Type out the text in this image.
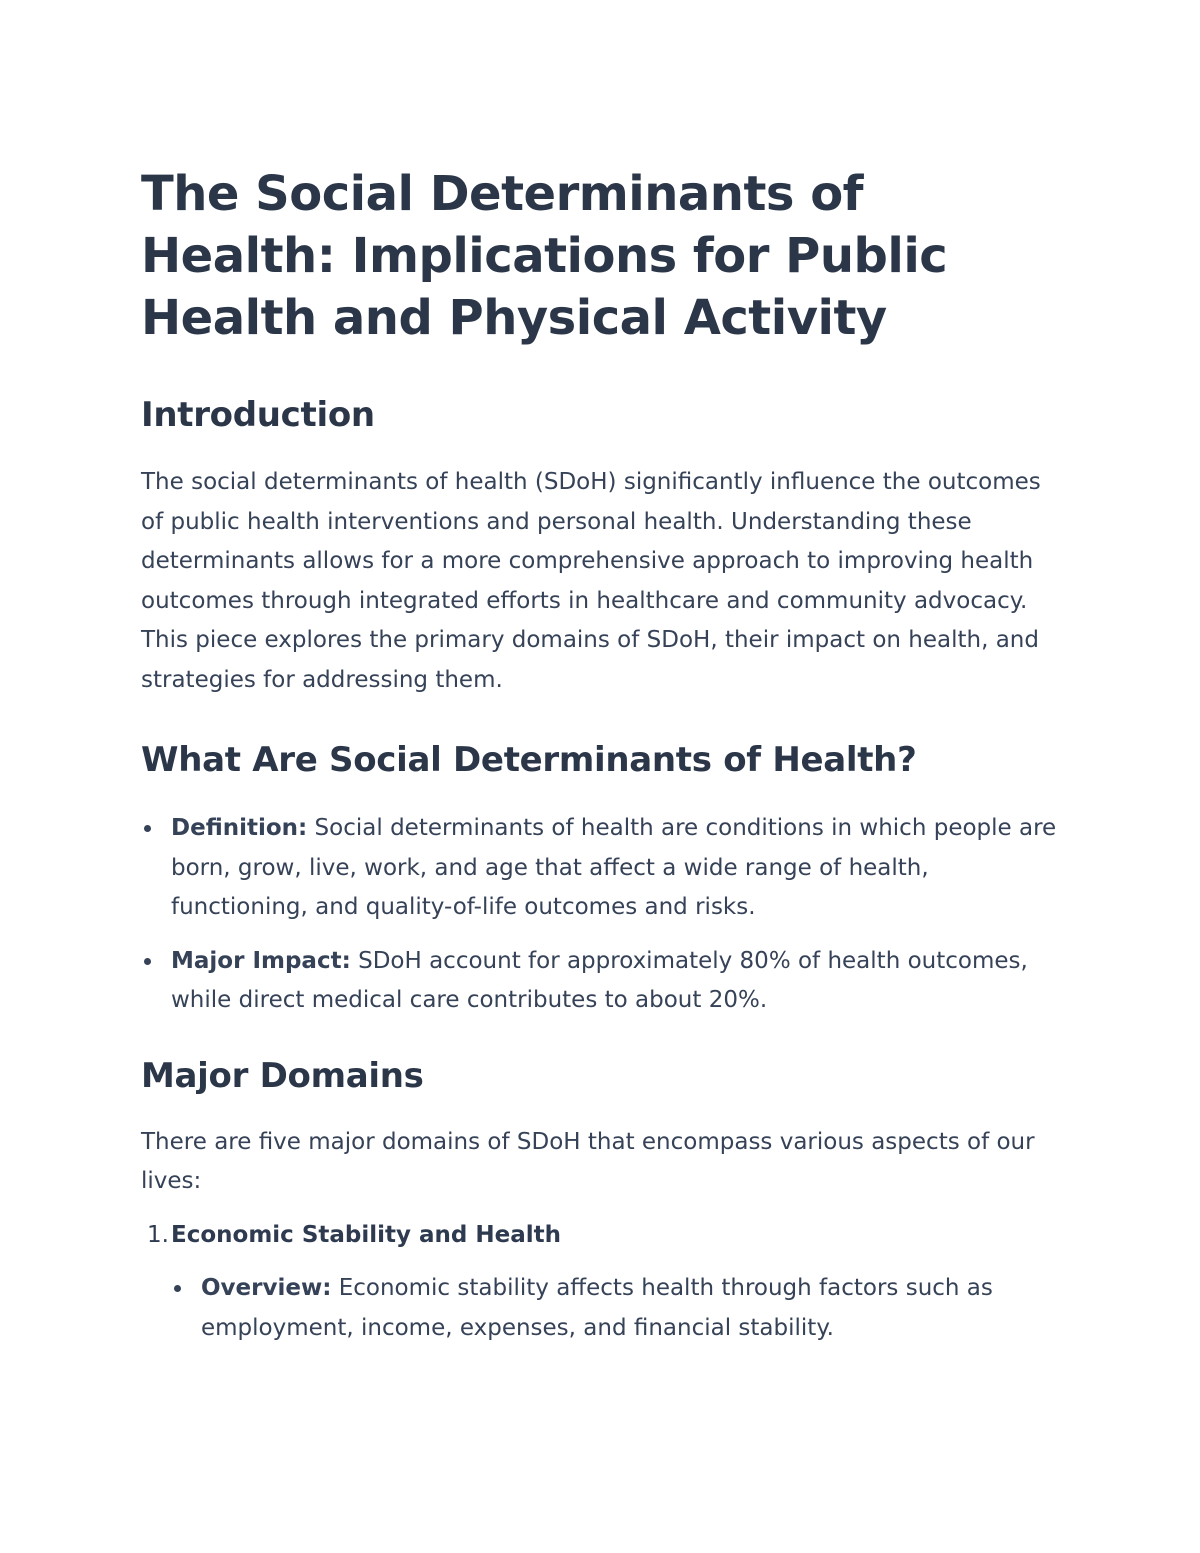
The Social Determinants of Health: Implications for Public Health and Physical Activity
Introduction

The social determinants of health (SDoH) significantly influence the outcomes of public health interventions and personal health. Understanding these determinants allows for a more comprehensive approach to improving health outcomes through integrated efforts in healthcare and community advocacy. This piece explores the primary domains of SDoH, their impact on health, and strategies for addressing them.

What Are Social Determinants of Health?
Definition: Social determinants of health are conditions in which people are born, grow, live, work, and age that affect a wide range of health, functioning, and quality-of-life outcomes and risks.
Major Impact: SDoH account for approximately 80% of health outcomes, while direct medical care contributes to about 20%.
Major Domains

There are five major domains of SDoH that encompass various aspects of our lives:

1. Economic Stability and Health
Overview: Economic stability affects health through factors such as employment, income, expenses, and financial stability.
